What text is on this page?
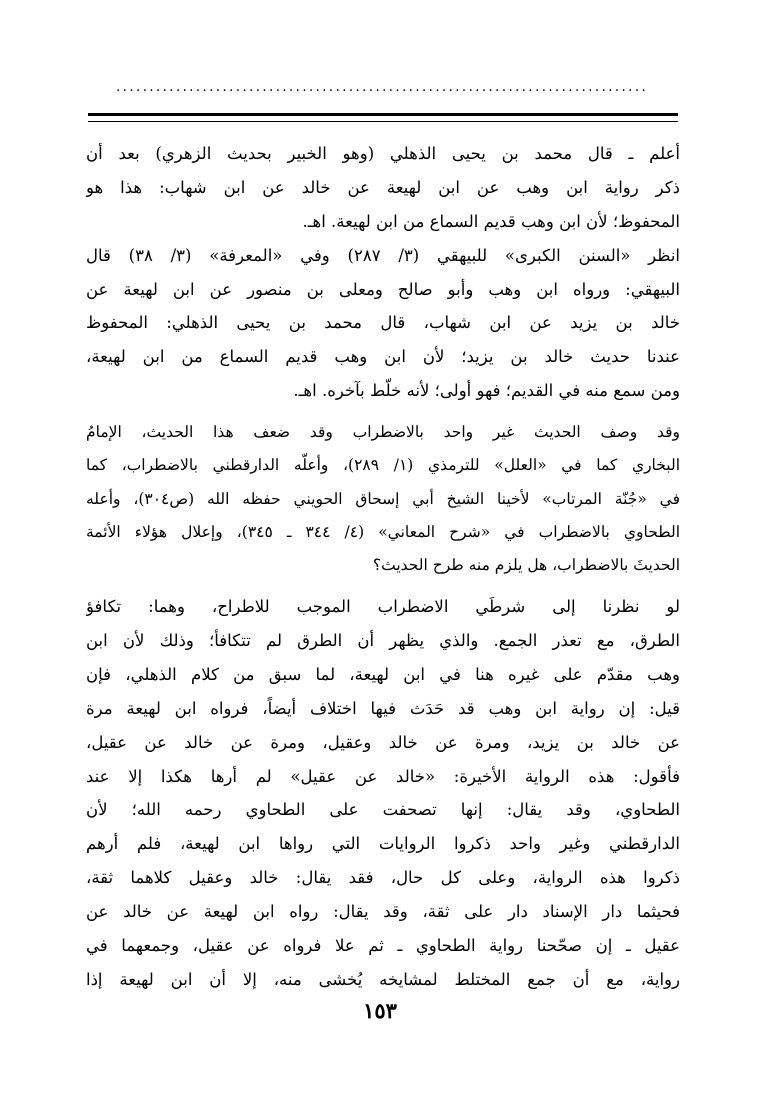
................................................................................
أعلم ـ قال محمد بن يحيى الذهلي (وهو الخبير بحديث الزهري) بعد أن
ذكر رواية ابن وهب عن ابن لهيعة عن خالد عن ابن شهاب: هذا هو
المحفوظ؛ لأن ابن وهب قديم السماع من ابن لهيعة. اهـ.
انظر «السنن الكبرى» للبيهقي (٣/ ٢٨٧) وفي «المعرفة» (٣/ ٣٨) قال
البيهقي: ورواه ابن وهب وأبو صالح ومعلى بن منصور عن ابن لهيعة عن
خالد بن يزيد عن ابن شهاب، قال محمد بن يحيى الذهلي: المحفوظ
عندنا حديث خالد بن يزيد؛ لأن ابن وهب قديم السماع من ابن لهيعة،
ومن سمع منه في القديم؛ فهو أولى؛ لأنه خلّط بآخره. اهـ.
وقد وصف الحديث غير واحد بالاضطراب وقد ضعف هذا الحديث، الإمامُ
البخاري كما في «العلل» للترمذي (١/ ٢٨٩)، وأعلّه الدارقطني بالاضطراب، كما
في «جُنّة المرتاب» لأخينا الشيخ أبي إسحاق الحويني حفظه الله (ص٣٠٤)، وأعله
الطحاوي بالاضطراب في «شرح المعاني» (٤/ ٣٤٤ ـ ٣٤٥)، وإعلال هؤلاء الأئمة
الحديثَ بالاضطراب، هل يلزم منه طرح الحديث؟
لو نظرنا إلى شرطَي الاضطراب الموجب للاطراح، وهما: تكافؤ
الطرق، مع تعذر الجمع. والذي يظهر أن الطرق لم تتكافأ؛ وذلك لأن ابن
وهب مقدّم على غيره هنا في ابن لهيعة، لما سبق من كلام الذهلي، فإن
قيل: إن رواية ابن وهب قد حَدَث فيها اختلاف أيضاً، فرواه ابن لهيعة مرة
عن خالد بن يزيد، ومرة عن خالد وعقيل، ومرة عن خالد عن عقيل،
فأقول: هذه الرواية الأخيرة: «خالد عن عقيل» لم أرها هكذا إلا عند
الطحاوي، وقد يقال: إنها تصحفت على الطحاوي رحمه الله؛ لأن
الدارقطني وغير واحد ذكروا الروايات التي رواها ابن لهيعة، فلم أرهم
ذكروا هذه الرواية، وعلى كل حال، فقد يقال: خالد وعقيل كلاهما ثقة،
فحيثما دار الإسناد دار على ثقة، وقد يقال: رواه ابن لهيعة عن خالد عن
عقيل ـ إن صحّحنا رواية الطحاوي ـ ثم علا فرواه عن عقيل، وجمعهما في
رواية، مع أن جمع المختلط لمشايخه يُخشى منه، إلا أن ابن لهيعة إذا
١٥٣
